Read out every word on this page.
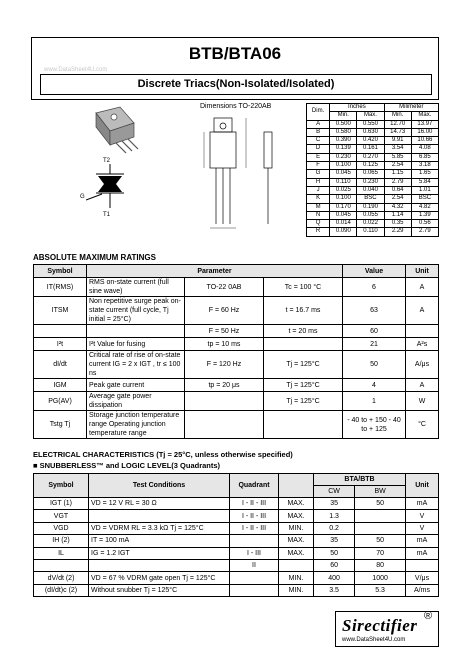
BTB/BTA06
www.DataSheet4U.com
Discrete Triacs(Non-Isolated/Isolated)
T2
G
T1
Dimensions TO-220AB
Dim.	Inches		Milimeter	
	Min.	Max.	Min.	Max.
A	0.500	0.550	12.70	13.97
B	0.580	0.630	14.73	16.00
C	0.390	0.420	9.91	10.66
D	0.139	0.161	3.54	4.08
E	0.230	0.270	5.85	6.85
F	0.100	0.125	2.54	3.18
G	0.045	0.065	1.15	1.65
H	0.110	0.230	2.79	5.84
J	0.025	0.040	0.64	1.01
K	0.100	BSC	2.54	BSC
M	0.170	0.190	4.32	4.82
N	0.045	0.055	1.14	1.39
Q	0.014	0.022	0.35	0.56
R	0.090	0.110	2.29	2.79
ABSOLUTE MAXIMUM RATINGS
Symbol	Parameter			Value	Unit
IT(RMS)	RMS on-state current (full sine wave)	TO-22 0AB	Tc = 100 °C	6	A
ITSM	Non repetitive surge peak on-state current (full cycle, Tj initial = 25°C)	F = 60 Hz	t = 16.7 ms	63	A
		F = 50 Hz	t = 20 ms	60	
I²t	I²t Value for fusing	tp = 10 ms		21	A²s
dI/dt	Critical rate of rise of on-state current IG = 2 x IGT , tr ≤ 100 ns	F = 120 Hz	Tj = 125°C	50	A/μs
IGM	Peak gate current	tp = 20 μs	Tj = 125°C	4	A
PG(AV)	Average gate power dissipation		Tj = 125°C	1	W
Tstg Tj	Storage junction temperature range Operating junction temperature range			- 40 to + 150 - 40 to + 125	°C
ELECTRICAL CHARACTERISTICS (Tj = 25°C, unless otherwise specified)
■ SNUBBERLESS™ and LOGIC LEVEL(3 Quadrants)
Symbol	Test Conditions	Quadrant		BTA/BTB		Unit
				CW	BW	
IGT (1)	VD = 12 V RL = 30 Ω	I - II - III	MAX.	35	50	mA
VGT		I - II - III	MAX.	1.3		V
VGD	VD = VDRM RL = 3.3 kΩ Tj = 125°C	I - II - III	MIN.	0.2		V
IH (2)	IT = 100 mA		MAX.	35	50	mA
IL	IG = 1.2 IGT	I - III	MAX.	50	70	mA
		II		60	80	
dV/dt (2)	VD = 67 % VDRM gate open Tj = 125°C		MIN.	400	1000	V/μs
(dI/dt)c (2)	Without snubber Tj = 125°C		MIN.	3.5	5.3	A/ms
Sirectifier ®
www.DataSheet4U.com
